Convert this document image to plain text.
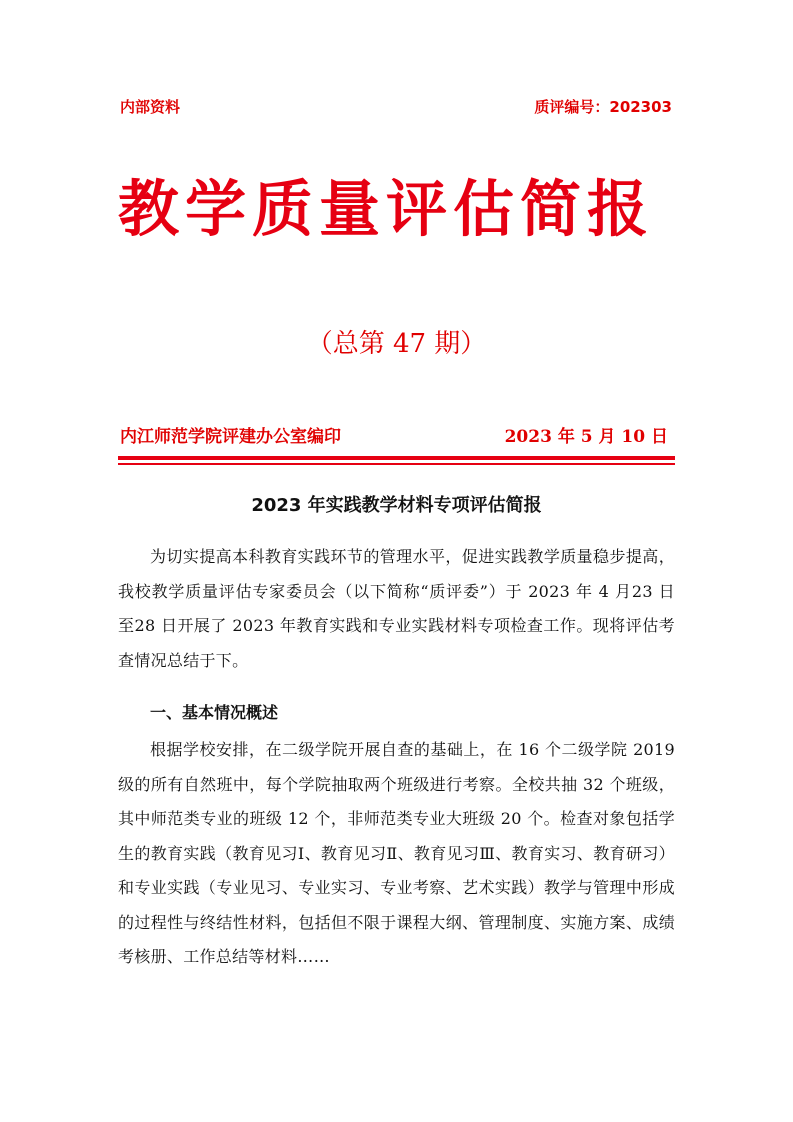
内部资料	质评编号：202303
教学质量评估简报
（总第 47 期）
内江师范学院评建办公室编印	2023 年 5 月 10 日
2023 年实践教学材料专项评估简报

为切实提高本科教育实践环节的管理水平，促进实践教学质量稳步提高，我校教学质量评估专家委员会（以下简称“质评委”）于 2023 年 4 月23 日至28 日开展了 2023 年教育实践和专业实践材料专项检查工作。现将评估考查情况总结于下。

一、基本情况概述

根据学校安排，在二级学院开展自查的基础上，在 16 个二级学院 2019 级的所有自然班中，每个学院抽取两个班级进行考察。全校共抽 32 个班级，其中师范类专业的班级 12 个，非师范类专业大班级 20 个。检查对象包括学生的教育实践（教育见习Ⅰ、教育见习Ⅱ、教育见习Ⅲ、教育实习、教育研习）和专业实践（专业见习、专业实习、专业考察、艺术实践）教学与管理中形成的过程性与终结性材料，包括但不限于课程大纲、管理制度、实施方案、成绩考核册、工作总结等材料……
